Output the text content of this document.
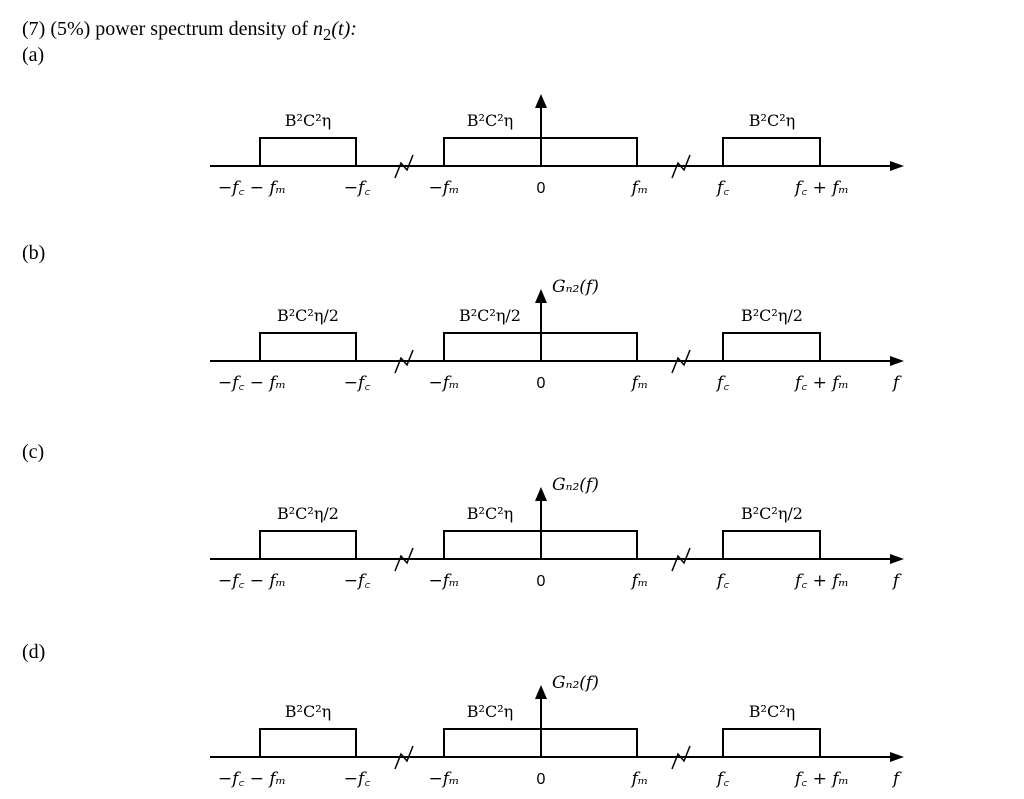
(7) (5%) power spectrum density of $n_2(t)$:
(a)
B²C²η	B²C²η	B²C²η
−f꜀ − fₘ	−f꜀	−fₘ	0	fₘ	f꜀	f꜀ + fₘ
(b)
B²C²η/2	B²C²η/2	B²C²η/2
Gₙ₂(f)
f
−f꜀ − fₘ	−f꜀	−fₘ	0	fₘ	f꜀	f꜀ + fₘ
(c)
B²C²η/2	B²C²η	B²C²η/2
Gₙ₂(f)
f
−f꜀ − fₘ	−f꜀	−fₘ	0	fₘ	f꜀	f꜀ + fₘ
(d)
B²C²η	B²C²η	B²C²η
Gₙ₂(f)
f
−f꜀ − fₘ	−f꜀	−fₘ	0	fₘ	f꜀	f꜀ + fₘ
